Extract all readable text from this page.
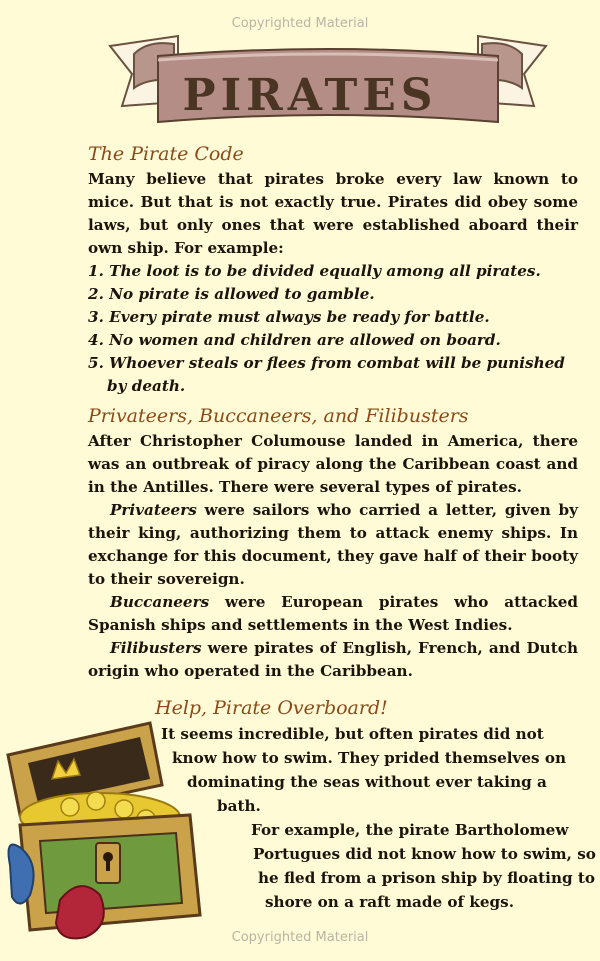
Copyrighted Material
PIRATES

The Pirate Code

Many believe that pirates broke every law known to mice. But that is not exactly true. Pirates did obey some laws, but only ones that were established aboard their own ship. For example:

1. The loot is to be divided equally among all pirates.
2. No pirate is allowed to gamble.
3. Every pirate must always be ready for battle.
4. No women and children are allowed on board.
5. Whoever steals or flees from combat will be punished by death.

Privateers, Buccaneers, and Filibusters

After Christopher Columouse landed in America, there was an outbreak of piracy along the Caribbean coast and in the Antilles. There were several types of pirates.

Privateers were sailors who carried a letter, given by their king, authorizing them to attack enemy ships. In exchange for this document, they gave half of their booty to their sovereign.

Buccaneers were European pirates who attacked Spanish ships and settlements in the West Indies.

Filibusters were pirates of English, French, and Dutch origin who operated in the Caribbean.

Help, Pirate Overboard!

It seems incredible, but often pirates did not

know how to swim. They prided themselves on

dominating the seas without ever taking a

bath.

For example, the pirate Bartholomew

Portugues did not know how to swim, so

he fled from a prison ship by floating to

shore on a raft made of kegs.

Copyrighted Material
